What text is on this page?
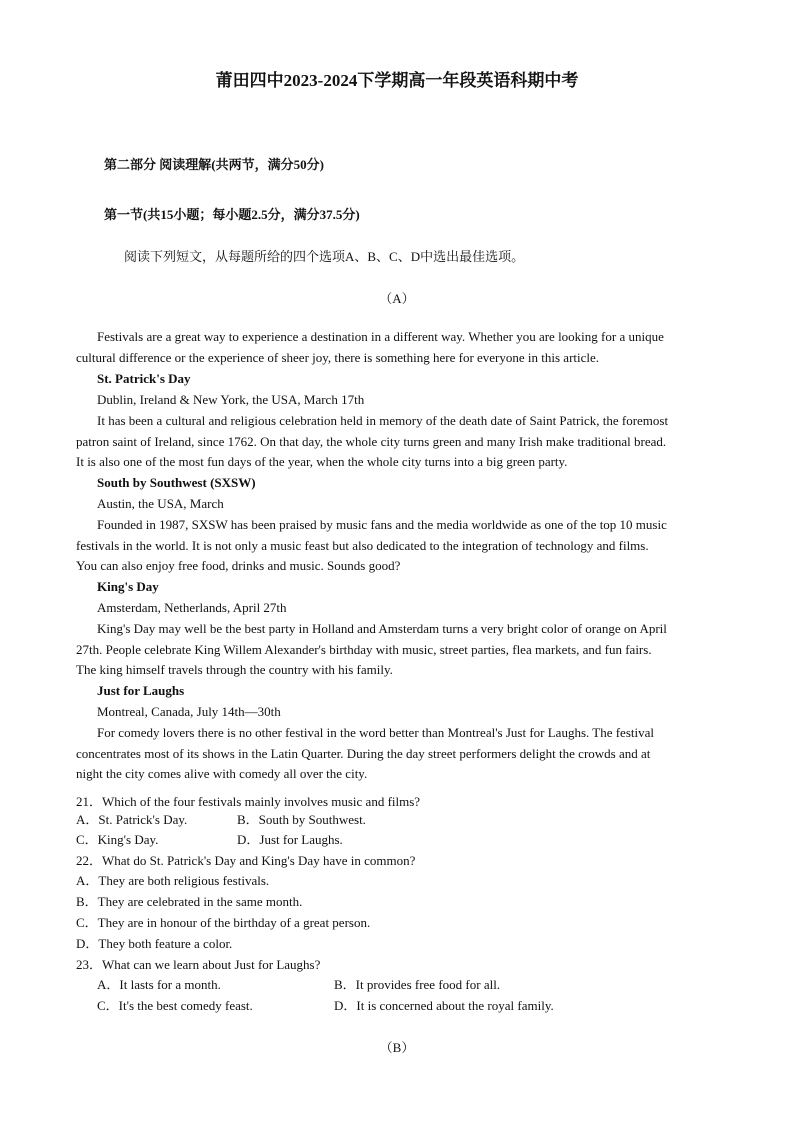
莆田四中2023-2024下学期高一年段英语科期中考
第二部分 阅读理解(共两节，满分50分)
第一节(共15小题；每小题2.5分，满分37.5分)
阅读下列短文，从每题所给的四个选项A、B、C、D中选出最佳选项。
（A）
Festivals are a great way to experience a destination in a different way. Whether you are looking for a unique
cultural difference or the experience of sheer joy, there is something here for everyone in this article.
St. Patrick's Day
Dublin, Ireland & New York, the USA, March 17th
It has been a cultural and religious celebration held in memory of the death date of Saint Patrick, the foremost
patron saint of Ireland, since 1762. On that day, the whole city turns green and many Irish make traditional bread.
It is also one of the most fun days of the year, when the whole city turns into a big green party.
South by Southwest (SXSW)
Austin, the USA, March
Founded in 1987, SXSW has been praised by music fans and the media worldwide as one of the top 10 music
festivals in the world. It is not only a music feast but also dedicated to the integration of technology and films.
You can also enjoy free food, drinks and music. Sounds good?
King's Day
Amsterdam, Netherlands, April 27th
King's Day may well be the best party in Holland and Amsterdam turns a very bright color of orange on April
27th. People celebrate King Willem Alexander's birthday with music, street parties, flea markets, and fun fairs.
The king himself travels through the country with his family.
Just for Laughs
Montreal, Canada, July 14th—30th
For comedy lovers there is no other festival in the word better than Montreal's Just for Laughs. The festival
concentrates most of its shows in the Latin Quarter. During the day street performers delight the crowds and at
night the city comes alive with comedy all over the city.
21．Which of the four festivals mainly involves music and films?
A．St. Patrick's Day.	B．South by Southwest.
C．King's Day.	D．Just for Laughs.
22．What do St. Patrick's Day and King's Day have in common?
A．They are both religious festivals.
B．They are celebrated in the same month.
C．They are in honour of the birthday of a great person.
D．They both feature a color.
23．What can we learn about Just for Laughs?
A．It lasts for a month.	B．It provides free food for all.
C．It's the best comedy feast.	D．It is concerned about the royal family.
（B）
